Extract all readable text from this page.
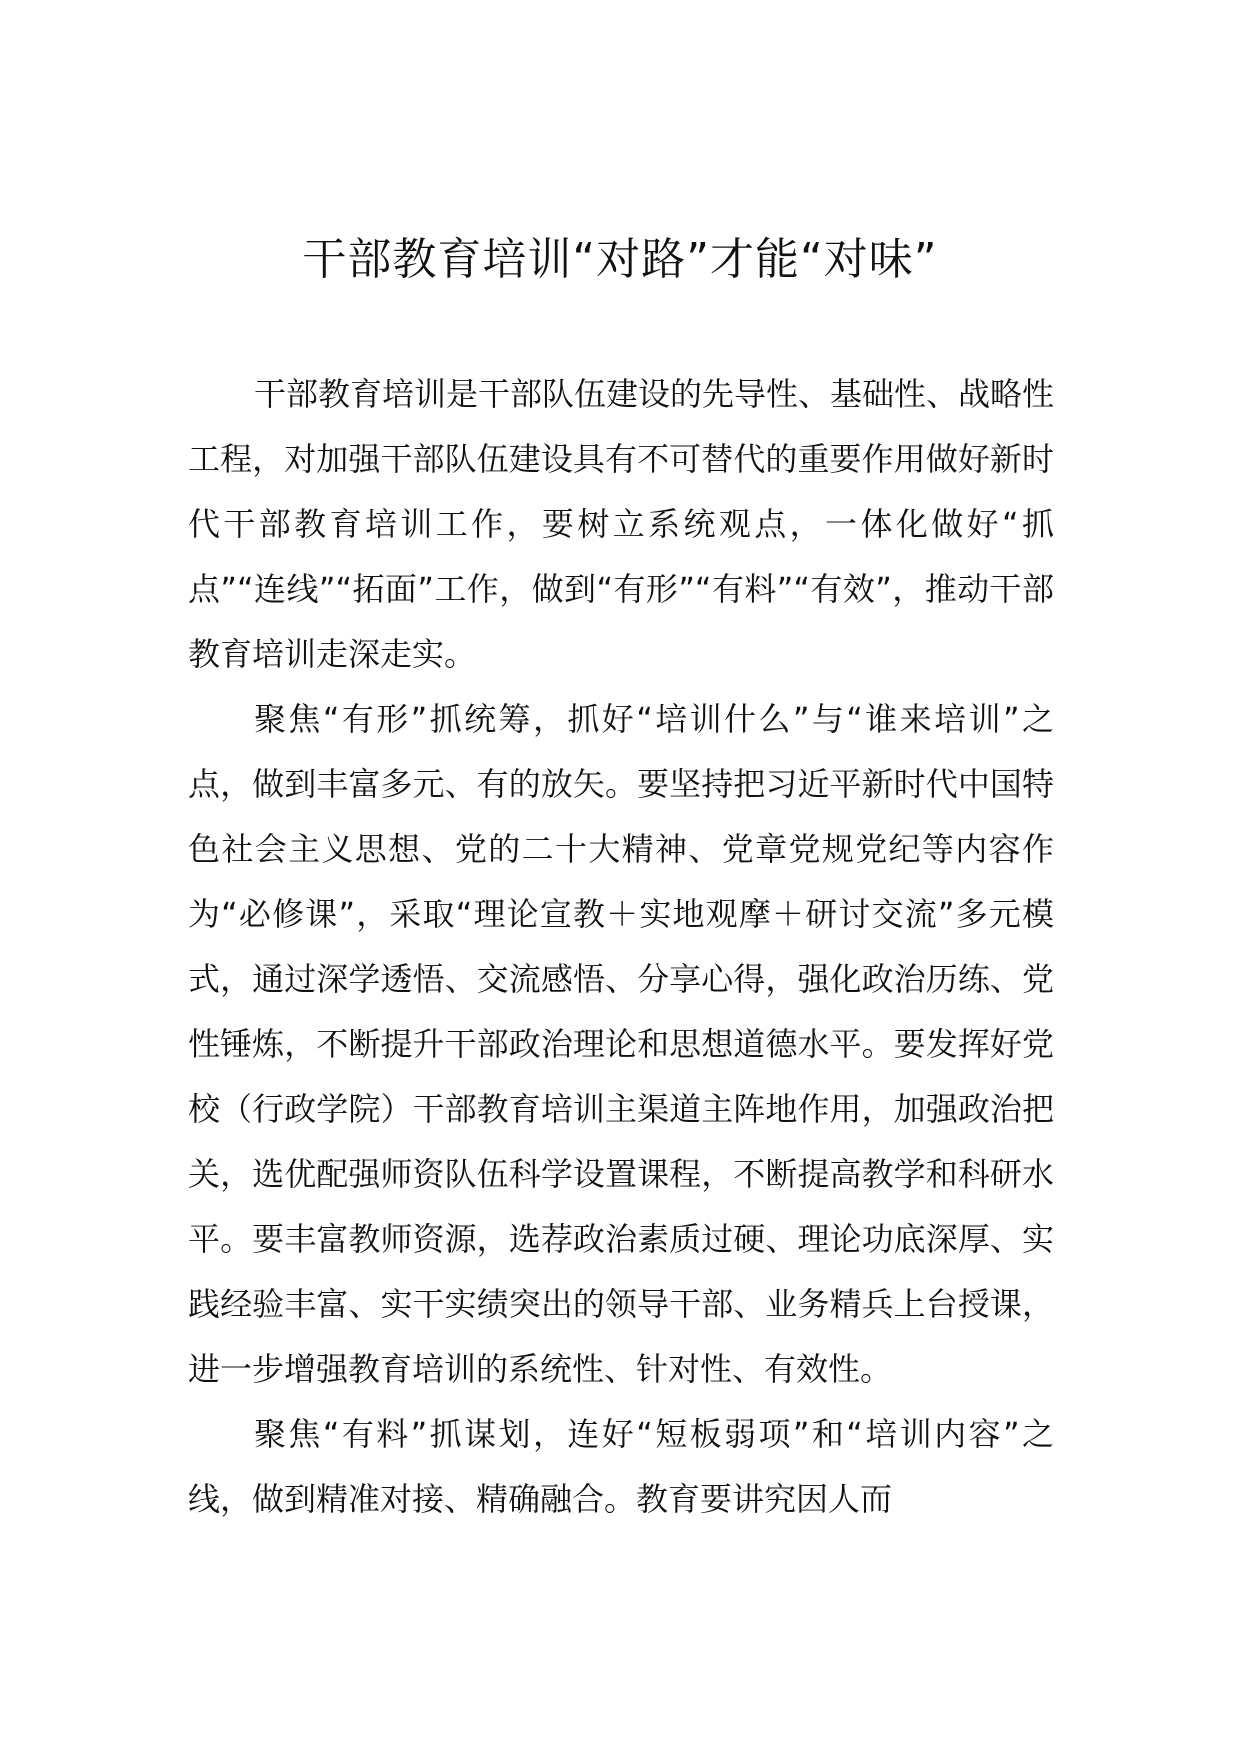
干部教育培训“对路”才能“对味”

干部教育培训是干部队伍建设的先导性、基础性、战略性工程，对加强干部队伍建设具有不可替代的重要作用做好新时代干部教育培训工作，要树立系统观点，一体化做好“抓点”“连线”“拓面”工作，做到“有形”“有料”“有效”，推动干部教育培训走深走实。

聚焦“有形”抓统筹，抓好“培训什么”与“谁来培训”之点，做到丰富多元、有的放矢。要坚持把习近平新时代中国特色社会主义思想、党的二十大精神、党章党规党纪等内容作为“必修课”，采取“理论宣教＋实地观摩＋研讨交流”多元模式，通过深学透悟、交流感悟、分享心得，强化政治历练、党性锤炼，不断提升干部政治理论和思想道德水平。要发挥好党校（行政学院）干部教育培训主渠道主阵地作用，加强政治把关，选优配强师资队伍科学设置课程，不断提高教学和科研水平。要丰富教师资源，选荐政治素质过硬、理论功底深厚、实践经验丰富、实干实绩突出的领导干部、业务精兵上台授课，进一步增强教育培训的系统性、针对性、有效性。

聚焦“有料”抓谋划，连好“短板弱项”和“培训内容”之线，做到精准对接、精确融合。教育要讲究因人而
